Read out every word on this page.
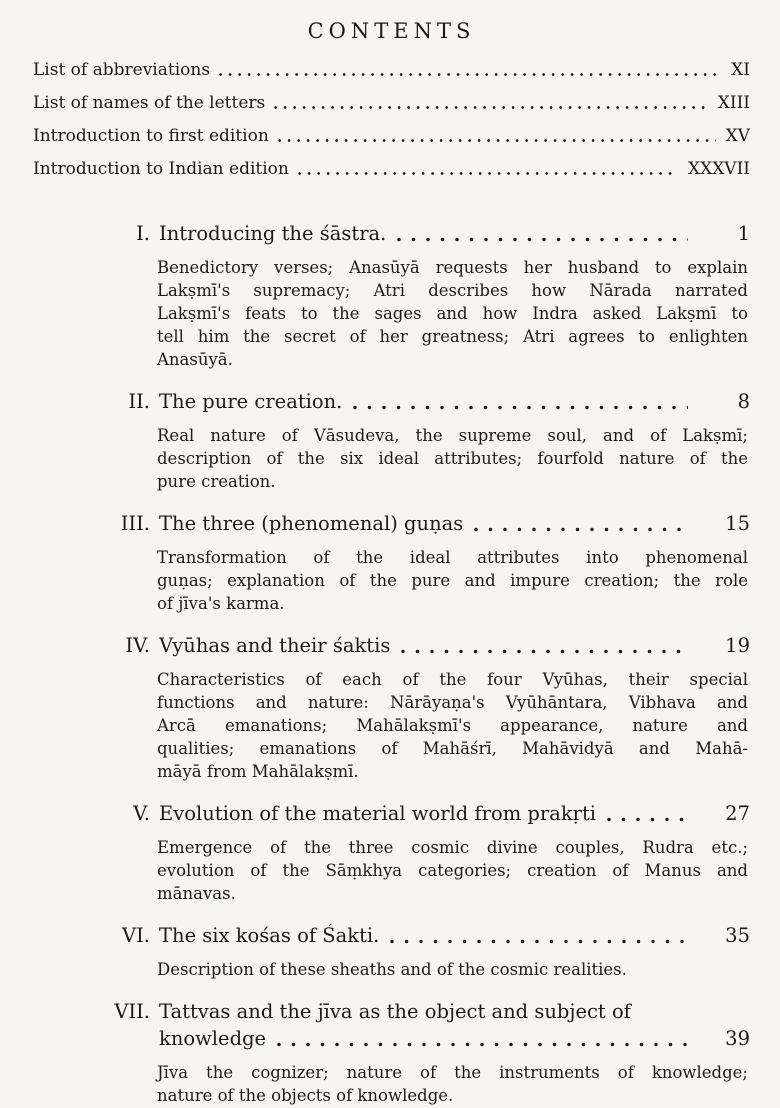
CONTENTS
List of abbreviations	XI
List of names of the letters	XIII
Introduction to first edition	XV
Introduction to Indian edition	XXXVII
I. Introducing the śāstra.	1
Benedictory verses; Anasūyā requests her husband to explain
Lakṣmī's supremacy; Atri describes how Nārada narrated
Lakṣmī's feats to the sages and how Indra asked Lakṣmī to
tell him the secret of her greatness; Atri agrees to enlighten
Anasūyā.
II. The pure creation.	8
Real nature of Vāsudeva, the supreme soul, and of Lakṣmī;
description of the six ideal attributes; fourfold nature of the
pure creation.
III. The three (phenomenal) guṇas	15
Transformation of the ideal attributes into phenomenal
guṇas; explanation of the pure and impure creation; the role
of jīva's karma.
IV. Vyūhas and their śaktis	19
Characteristics of each of the four Vyūhas, their special
functions and nature: Nārāyaṇa's Vyūhāntara, Vibhava and
Arcā emanations; Mahālakṣmī's appearance, nature and
qualities; emanations of Mahāśrī, Mahāvidyā and Mahā-
māyā from Mahālakṣmī.
V. Evolution of the material world from prakṛti	27
Emergence of the three cosmic divine couples, Rudra etc.;
evolution of the Sāṃkhya categories; creation of Manus and
mānavas.
VI. The six kośas of Śakti.	35
Description of these sheaths and of the cosmic realities.
VII. Tattvas and the jīva as the object and subject of
knowledge	39
Jīva the cognizer; nature of the instruments of knowledge;
nature of the objects of knowledge.
